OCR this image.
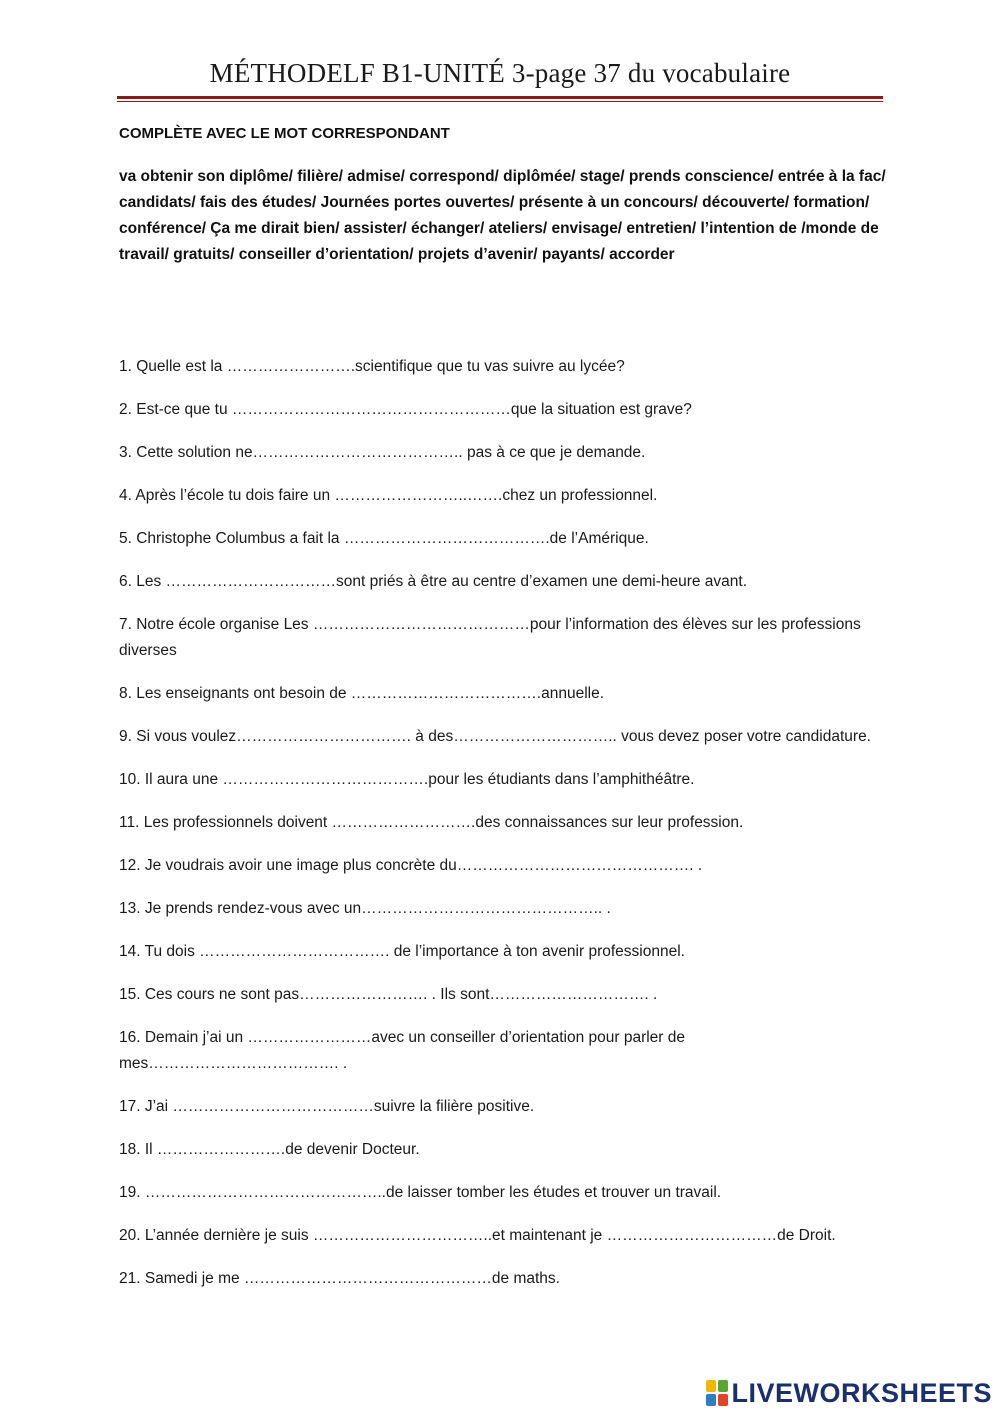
MÉTHODELF B1-UNITÉ 3-page 37 du vocabulaire
COMPLÈTE AVEC LE MOT CORRESPONDANT
va obtenir son diplôme/ filière/ admise/ correspond/ diplômée/ stage/ prends conscience/ entrée à la fac/ candidats/ fais des études/ Journées portes ouvertes/ présente à un concours/ découverte/ formation/ conférence/ Ça me dirait bien/ assister/ échanger/ ateliers/ envisage/ entretien/ l’intention de /monde de travail/ gratuits/ conseiller d’orientation/ projets d’avenir/ payants/ accorder
1. Quelle est la …………………….scientifique que tu vas suivre au lycée?
2. Est-ce que tu ………………………………………………que la situation est grave?
3. Cette solution ne………………………………….. pas à ce que je demande.
4. Après l’école tu dois faire un ……………………..…….chez un professionnel.
5. Christophe Columbus a fait la ………………………………….de l’Amérique.
6. Les ……………………………sont priés à être au centre d’examen une demi-heure avant.
7. Notre école organise Les ……………………………………pour l’information des élèves sur les professions diverses
8. Les enseignants ont besoin de ……………………………….annuelle.
9. Si vous voulez……………………………. à des………………………….. vous devez poser votre candidature.
10. Il aura une ………………………………….pour les étudiants dans l’amphithéâtre.
11. Les professionnels doivent ……………………….des connaissances sur leur profession.
12. Je voudrais avoir une image plus concrète du………………………………………. .
13. Je prends rendez-vous avec un……………………………………….. .
14. Tu dois ………………………………. de l’importance à ton avenir professionnel.
15. Ces cours ne sont pas……………………. . Ils sont…………………………. .
16. Demain j’ai un ……………………avec un conseiller d’orientation pour parler de mes………………………………. .
17. J’ai …………………………………suivre la filière positive.
18. Il …………………….de devenir Docteur.
19. ………………………………………..de laisser tomber les études et trouver un travail.
20. L’année dernière je suis ……………………………..et maintenant je ……………………………de Droit.
21. Samedi je me …………………………………………de maths.
LIVEWORKSHEETS
